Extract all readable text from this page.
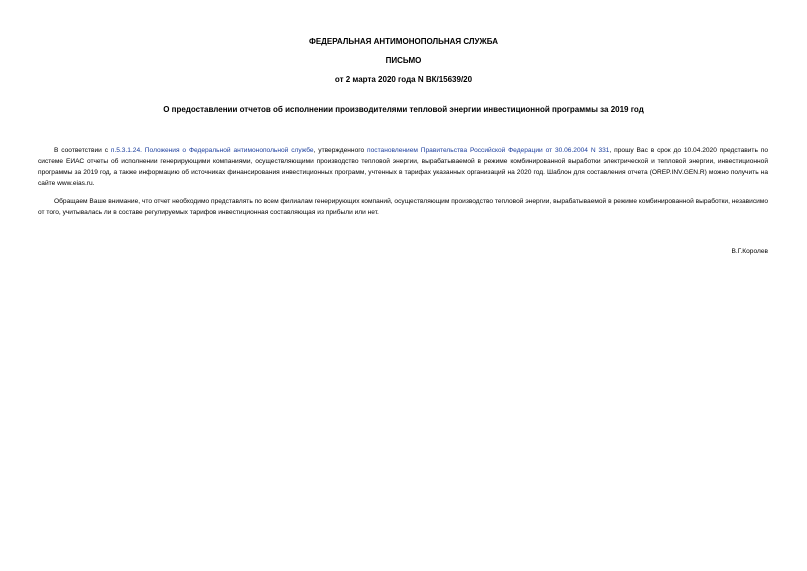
ФЕДЕРАЛЬНАЯ АНТИМОНОПОЛЬНАЯ СЛУЖБА
ПИСЬМО
от 2 марта 2020 года N ВК/15639/20
О предоставлении отчетов об исполнении производителями тепловой энергии инвестиционной программы за 2019 год

В соответствии с п.5.3.1.24. Положения о Федеральной антимонопольной службе, утвержденного постановлением Правительства Российской Федерации от 30.06.2004 N 331, прошу Вас в срок до 10.04.2020 представить по системе ЕИАС отчеты об исполнении генерирующими компаниями, осуществляющими производство тепловой энергии, вырабатываемой в режиме комбинированной выработки электрической и тепловой энергии, инвестиционной программы за 2019 год, а также информацию об источниках финансирования инвестиционных программ, учтенных в тарифах указанных организаций на 2020 год. Шаблон для составления отчета (OREP.INV.GEN.R) можно получить на сайте www.eias.ru.

Обращаем Ваше внимание, что отчет необходимо представлять по всем филиалам генерирующих компаний, осуществляющим производство тепловой энергии, вырабатываемой в режиме комбинированной выработки, независимо от того, учитывалась ли в составе регулируемых тарифов инвестиционная составляющая из прибыли или нет.

В.Г.Королев
